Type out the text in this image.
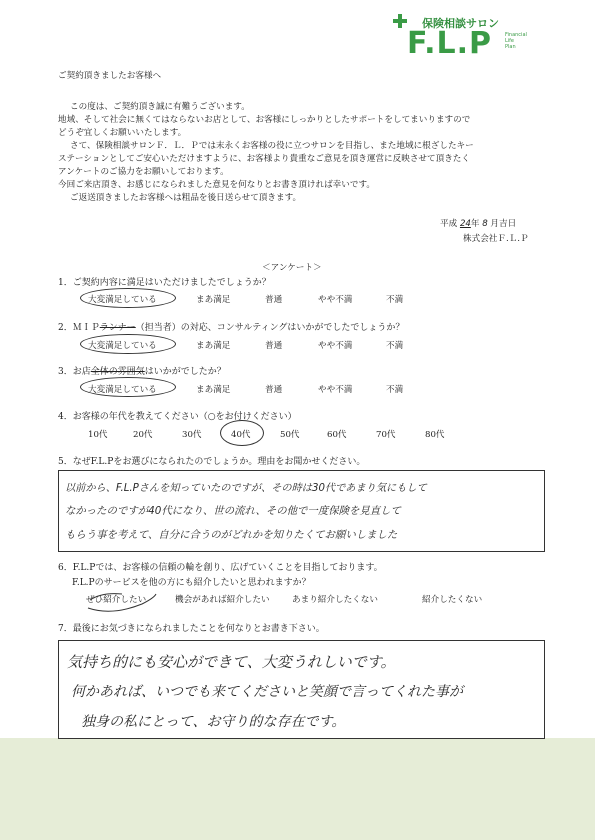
保険相談サロン
F.L.P	Financial
Life
Plan
ご契約頂きましたお客様へ
この度は、ご契約頂き誠に有難うございます。
地域、そして社会に無くてはならないお店として、お客様にしっかりとしたサポートをしてまいりますので
どうぞ宜しくお願いいたします。
さて、保険相談サロンＦ．Ｌ．Ｐでは末永くお客様の役に立つサロンを目指し、また地域に根ざしたキー
ステーションとしてご安心いただけますように、お客様より貴重なご意見を頂き運営に反映させて頂きたく
アンケートのご協力をお願いしております。
今回ご来店頂き、お感じになられました意見を何なりとお書き頂ければ幸いです。
ご返送頂きましたお客様へは粗品を後日送らせて頂きます。
平成 24年 8 月吉日
株式会社Ｆ.Ｌ.Ｐ
＜アンケート＞
1．ご契約内容に満足はいただけましたでしょうか？
大変満足している	まあ満足	普通	やや不満	不満
2．ＭＩＰランナー（担当者）の対応、コンサルティングはいかがでしたでしょうか？
大変満足している	まあ満足	普通	やや不満	不満
3．お店全体の雰囲気はいかがでしたか？
大変満足している	まあ満足	普通	やや不満	不満
4．お客様の年代を教えてください（○をお付けください）
10代	20代	30代	40代	50代	60代	70代	80代
5．なぜF.L.Pをお選びになられたのでしょうか。理由をお聞かせください。
以前から、F.L.Pさんを知っていたのですが、その時は30代であまり気にもして
なかったのですが40代になり、世の流れ、その他で一度保険を見直して
もらう事を考えて、自分に合うのがどれかを知りたくてお願いしました
6．F.L.Pでは、お客様の信頼の輪を創り、広げていくことを目指しております。
F.L.Pのサービスを他の方にも紹介したいと思われますか？
ぜひ紹介したい	機会があれば紹介したい	あまり紹介したくない	紹介したくない
7．最後にお気づきになられましたことを何なりとお書き下さい。
気持ち的にも安心ができて、大変うれしいです。
何かあれば、いつでも来てくださいと笑顔で言ってくれた事が
独身の私にとって、お守り的な存在です。
